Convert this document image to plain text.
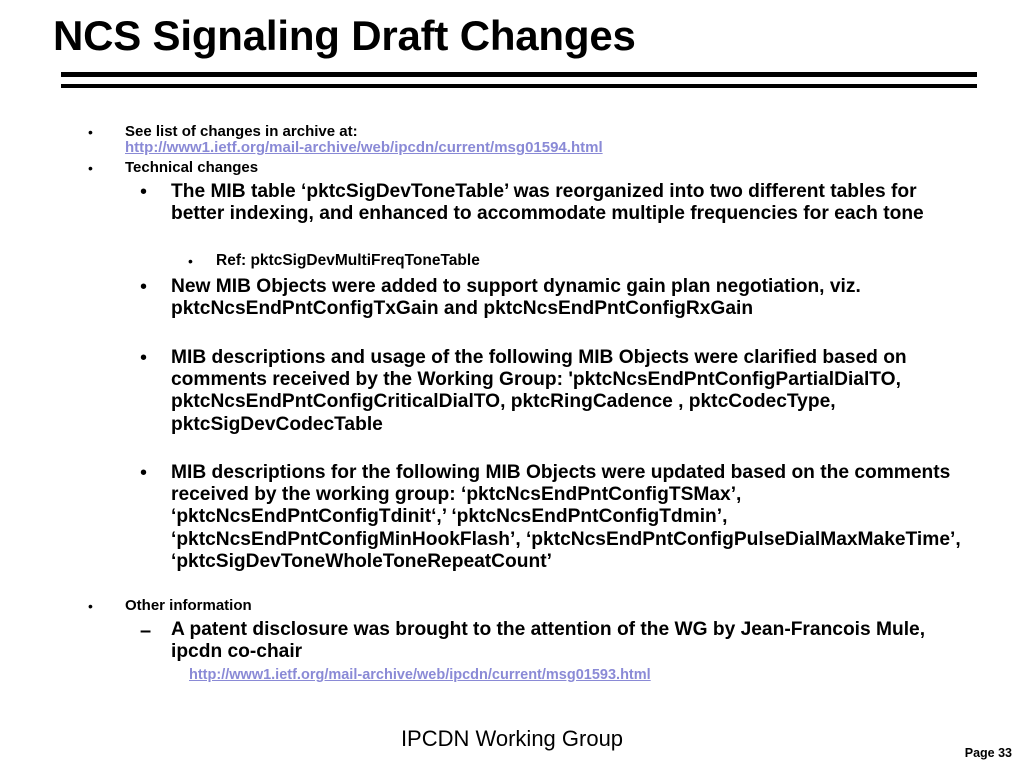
NCS Signaling Draft Changes
• See list of changes in archive at:
http://www1.ietf.org/mail-archive/web/ipcdn/current/msg01594.html
• Technical changes
• The MIB table ‘pktcSigDevToneTable’ was reorganized into two different tables for better indexing, and enhanced to accommodate multiple frequencies for each tone
• Ref: pktcSigDevMultiFreqToneTable
• New MIB Objects were added to support dynamic gain plan negotiation, viz. pktcNcsEndPntConfigTxGain and pktcNcsEndPntConfigRxGain
• MIB descriptions and usage of the following MIB Objects were clarified based on comments received by the Working Group: 'pktcNcsEndPntConfigPartialDialTO, pktcNcsEndPntConfigCriticalDialTO, pktcRingCadence , pktcCodecType, pktcSigDevCodecTable
• MIB descriptions for the following MIB Objects were updated based on the comments received by the working group: ‘pktcNcsEndPntConfigTSMax’, ‘pktcNcsEndPntConfigTdinit‘,’ ‘pktcNcsEndPntConfigTdmin’, ‘pktcNcsEndPntConfigMinHookFlash’, ‘pktcNcsEndPntConfigPulseDialMaxMakeTime’, ‘pktcSigDevToneWholeToneRepeatCount’
• Other information
– A patent disclosure was brought to the attention of the WG by Jean-Francois Mule, ipcdn co-chair
http://www1.ietf.org/mail-archive/web/ipcdn/current/msg01593.html
IPCDN Working Group
Page 33
